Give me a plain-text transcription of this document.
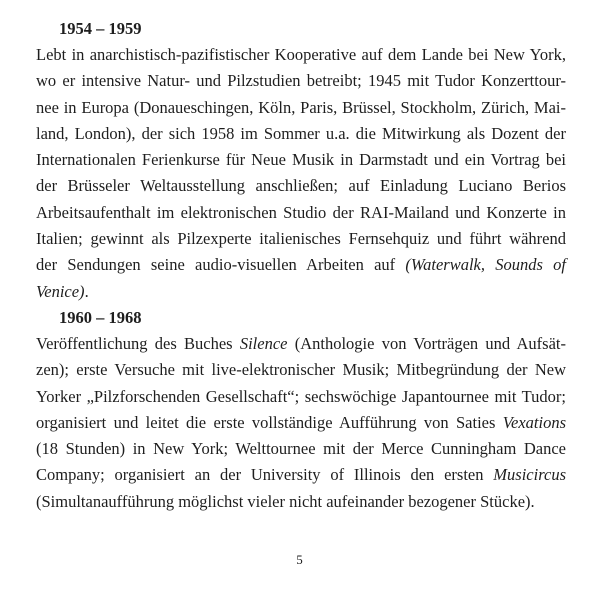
1954 – 1959
Lebt in anarchistisch-pazifistischer Kooperative auf dem Lande bei New York,
wo er intensive Natur- und Pilzstudien betreibt; 1945 mit Tudor Konzerttour-
nee in Europa (Donaueschingen, Köln, Paris, Brüssel, Stockholm, Zürich, Mai-
land, London), der sich 1958 im Sommer u.a. die Mitwirkung als Dozent der
Internationalen Ferienkurse für Neue Musik in Darmstadt und ein Vortrag bei
der Brüsseler Weltausstellung anschließen; auf Einladung Luciano Berios
Arbeitsaufenthalt im elektronischen Studio der RAI-Mailand und Konzerte in
Italien; gewinnt als Pilzexperte italienisches Fernsehquiz und führt während
der Sendungen seine audio-visuellen Arbeiten auf (Waterwalk, Sounds of
Venice).
1960 – 1968
Veröffentlichung des Buches Silence (Anthologie von Vorträgen und Aufsät-
zen); erste Versuche mit live-elektronischer Musik; Mitbegründung der New
Yorker „Pilzforschenden Gesellschaft“; sechswöchige Japantournee mit Tudor;
organisiert und leitet die erste vollständige Aufführung von Saties Vexations
(18 Stunden) in New York; Welttournee mit der Merce Cunningham Dance
Company; organisiert an der University of Illinois den ersten Musicircus
(Simultanaufführung möglichst vieler nicht aufeinander bezogener Stücke).
5
